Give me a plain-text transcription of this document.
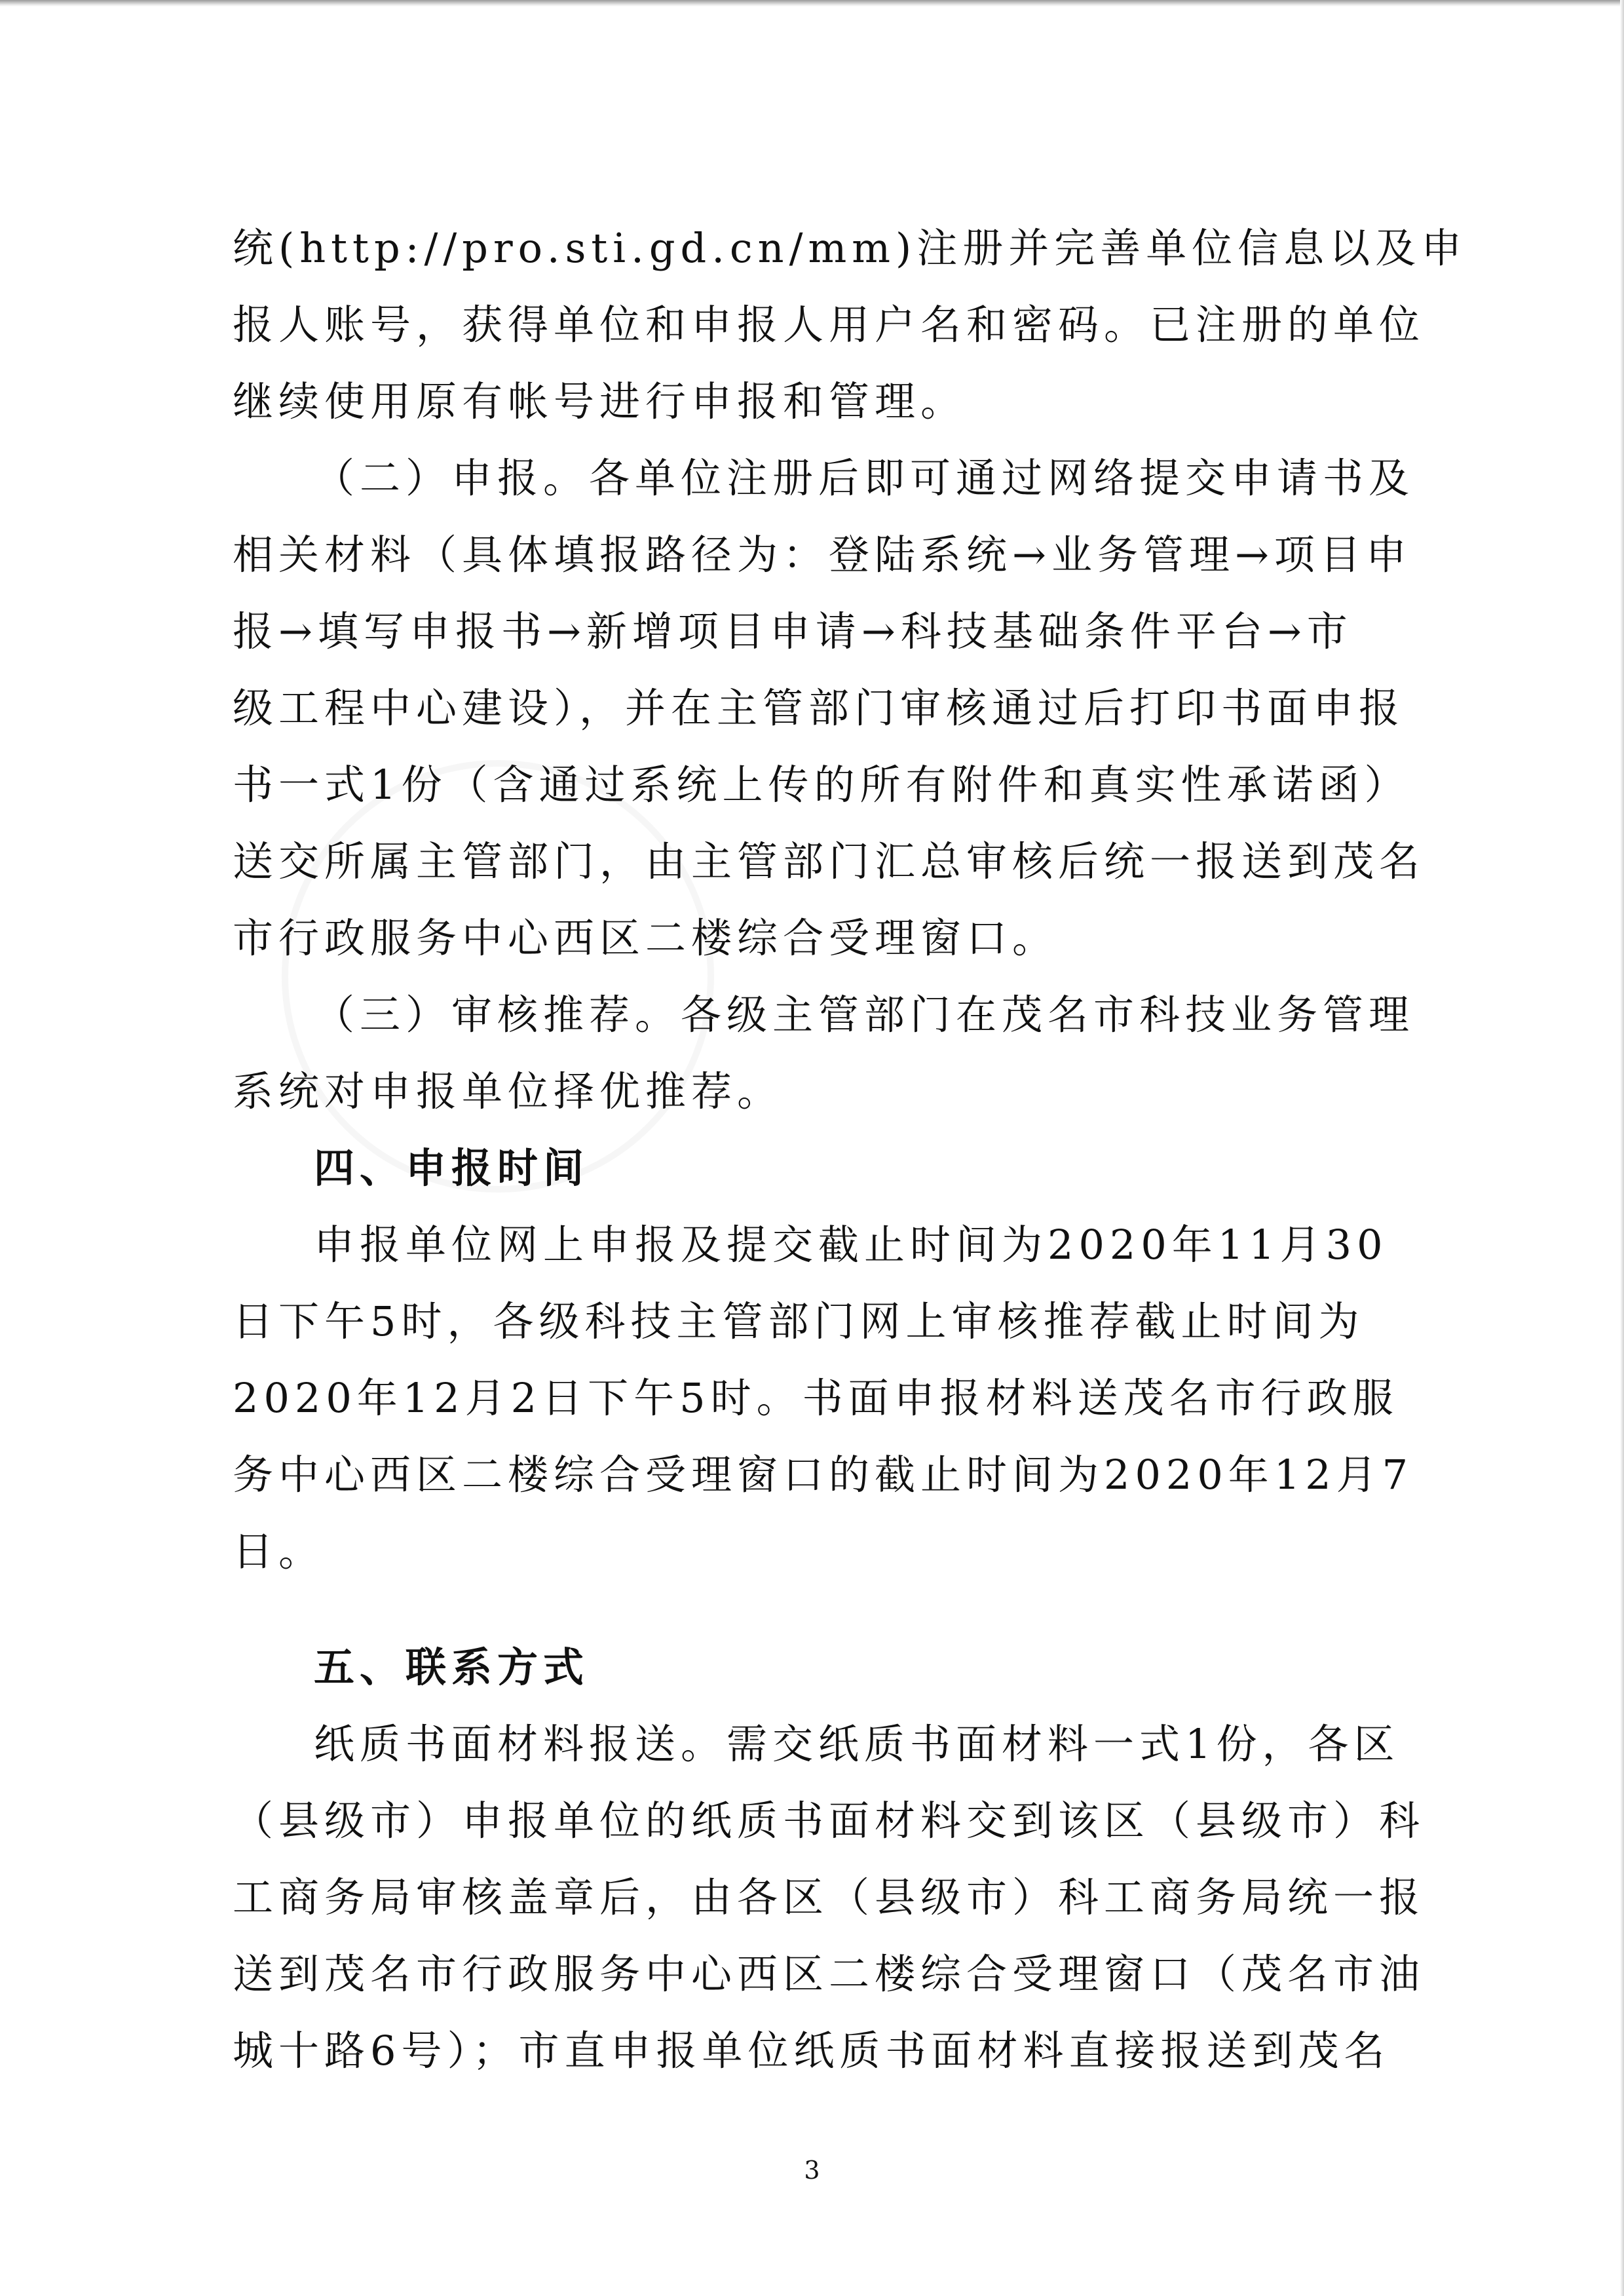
统(http://pro.sti.gd.cn/mm)注册并完善单位信息以及申
报人账号，获得单位和申报人用户名和密码。已注册的单位
继续使用原有帐号进行申报和管理。
（二）申报。各单位注册后即可通过网络提交申请书及
相关材料（具体填报路径为：登陆系统→业务管理→项目申
报→填写申报书→新增项目申请→科技基础条件平台→市
级工程中心建设），并在主管部门审核通过后打印书面申报
书一式1份（含通过系统上传的所有附件和真实性承诺函）
送交所属主管部门，由主管部门汇总审核后统一报送到茂名
市行政服务中心西区二楼综合受理窗口。
（三）审核推荐。各级主管部门在茂名市科技业务管理
系统对申报单位择优推荐。
四、申报时间
申报单位网上申报及提交截止时间为2020年11月30
日下午5时，各级科技主管部门网上审核推荐截止时间为
2020年12月2日下午5时。书面申报材料送茂名市行政服
务中心西区二楼综合受理窗口的截止时间为2020年12月7
日。
五、联系方式
纸质书面材料报送。需交纸质书面材料一式1份，各区
（县级市）申报单位的纸质书面材料交到该区（县级市）科
工商务局审核盖章后，由各区（县级市）科工商务局统一报
送到茂名市行政服务中心西区二楼综合受理窗口（茂名市油
城十路6号）；市直申报单位纸质书面材料直接报送到茂名
3
